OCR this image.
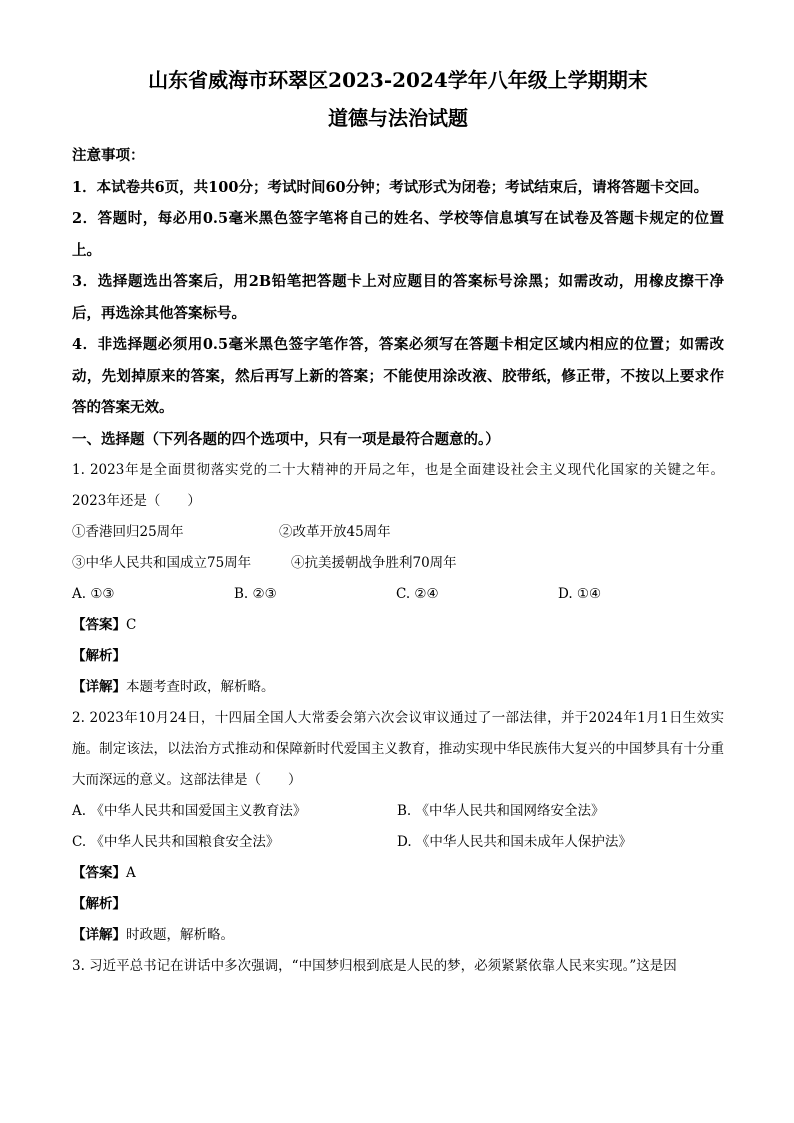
山东省威海市环翠区2023-2024学年八年级上学期期末
道德与法治试题

注意事项：

1．本试卷共6页，共100分；考试时间60分钟；考试形式为闭卷；考试结束后，请将答题卡交回。

2．答题时，每必用0.5毫米黑色签字笔将自己的姓名、学校等信息填写在试卷及答题卡规定的位置上。

3．选择题选出答案后，用2B铅笔把答题卡上对应题目的答案标号涂黑；如需改动，用橡皮擦干净后，再选涂其他答案标号。

4．非选择题必须用0.5毫米黑色签字笔作答，答案必须写在答题卡相定区域内相应的位置；如需改动，先划掉原来的答案，然后再写上新的答案；不能使用涂改液、胶带纸，修正带，不按以上要求作答的答案无效。

一、选择题（下列各题的四个选项中，只有一项是最符合题意的。）

1. 2023年是全面贯彻落实党的二十大精神的开局之年，也是全面建设社会主义现代化国家的关键之年。2023年还是（　　）

①香港回归25周年	②改革开放45周年
③中华人民共和国成立75周年	④抗美援朝战争胜利70周年
A. ①③	B. ②③	C. ②④	D. ①④

【答案】C

【解析】

【详解】本题考查时政，解析略。

2. 2023年10月24日，十四届全国人大常委会第六次会议审议通过了一部法律，并于2024年1月1日生效实施。制定该法，以法治方式推动和保障新时代爱国主义教育，推动实现中华民族伟大复兴的中国梦具有十分重大而深远的意义。这部法律是（　　）

A. 《中华人民共和国爱国主义教育法》	B. 《中华人民共和国网络安全法》
C. 《中华人民共和国粮食安全法》	D. 《中华人民共和国未成年人保护法》

【答案】A

【解析】

【详解】时政题，解析略。

3. 习近平总书记在讲话中多次强调，“中国梦归根到底是人民的梦，必须紧紧依靠人民来实现。”这是因
